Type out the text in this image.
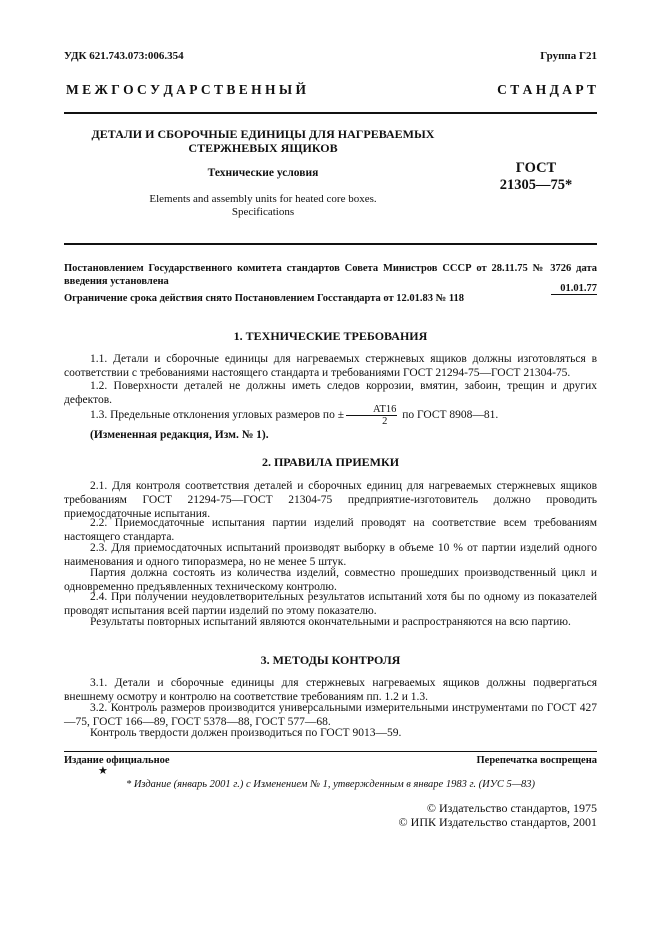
УДК 621.743.073:006.354	Группа Г21
М Е Ж Г О С У Д А Р С Т В Е Н Н Ы Й	С Т А Н Д А Р Т
ДЕТАЛИ И СБОРОЧНЫЕ ЕДИНИЦЫ ДЛЯ НАГРЕВАЕМЫХ
СТЕРЖНЕВЫХ ЯЩИКОВ
Технические условия
Elements and assembly units for heated core boxes.
Specifications
ГОСТ
21305—75*
Постановлением Государственного комитета стандартов Совета Министров СССР от 28.11.75 № 3726 дата введения установлена
01.01.77
Ограничение срока действия снято Постановлением Госстандарта от 12.01.83 № 118
1. ТЕХНИЧЕСКИЕ ТРЕБОВАНИЯ
1.1. Детали и сборочные единицы для нагреваемых стержневых ящиков должны изготовляться в соответствии с требованиями настоящего стандарта и требованиями ГОСТ 21294-75—ГОСТ 21304-75.
1.2. Поверхности деталей не должны иметь следов коррозии, вмятин, забоин, трещин и других дефектов.
1.3. Предельные отклонения угловых размеров по ± $\frac{AT16}{2}$ по ГОСТ 8908—81.
(Измененная редакция, Изм. № 1).
2. ПРАВИЛА ПРИЕМКИ
2.1. Для контроля соответствия деталей и сборочных единиц для нагреваемых стержневых ящиков требованиям ГОСТ 21294-75—ГОСТ 21304-75 предприятие-изготовитель должно проводить приемосдаточные испытания.
2.2. Приемосдаточные испытания партии изделий проводят на соответствие всем требованиям настоящего стандарта.
2.3. Для приемосдаточных испытаний производят выборку в объеме 10 % от партии изделий одного наименования и одного типоразмера, но не менее 5 штук.
Партия должна состоять из количества изделий, совместно прошедших производственный цикл и одновременно предъявленных техническому контролю.
2.4. При получении неудовлетворительных результатов испытаний хотя бы по одному из показателей проводят испытания всей партии изделий по этому показателю.
Результаты повторных испытаний являются окончательными и распространяются на всю партию.
3. МЕТОДЫ КОНТРОЛЯ
3.1. Детали и сборочные единицы для стержневых нагреваемых ящиков должны подвергаться внешнему осмотру и контролю на соответствие требованиям пп. 1.2 и 1.3.
3.2. Контроль размеров производится универсальными измерительными инструментами по ГОСТ 427—75, ГОСТ 166—89, ГОСТ 5378—88, ГОСТ 577—68.
Контроль твердости должен производиться по ГОСТ 9013—59.
Издание официальное	Перепечатка воспрещена
★
* Издание (январь 2001 г.) с Изменением № 1, утвержденным в январе 1983 г. (ИУС 5—83)
© Издательство стандартов, 1975
© ИПК Издательство стандартов, 2001
